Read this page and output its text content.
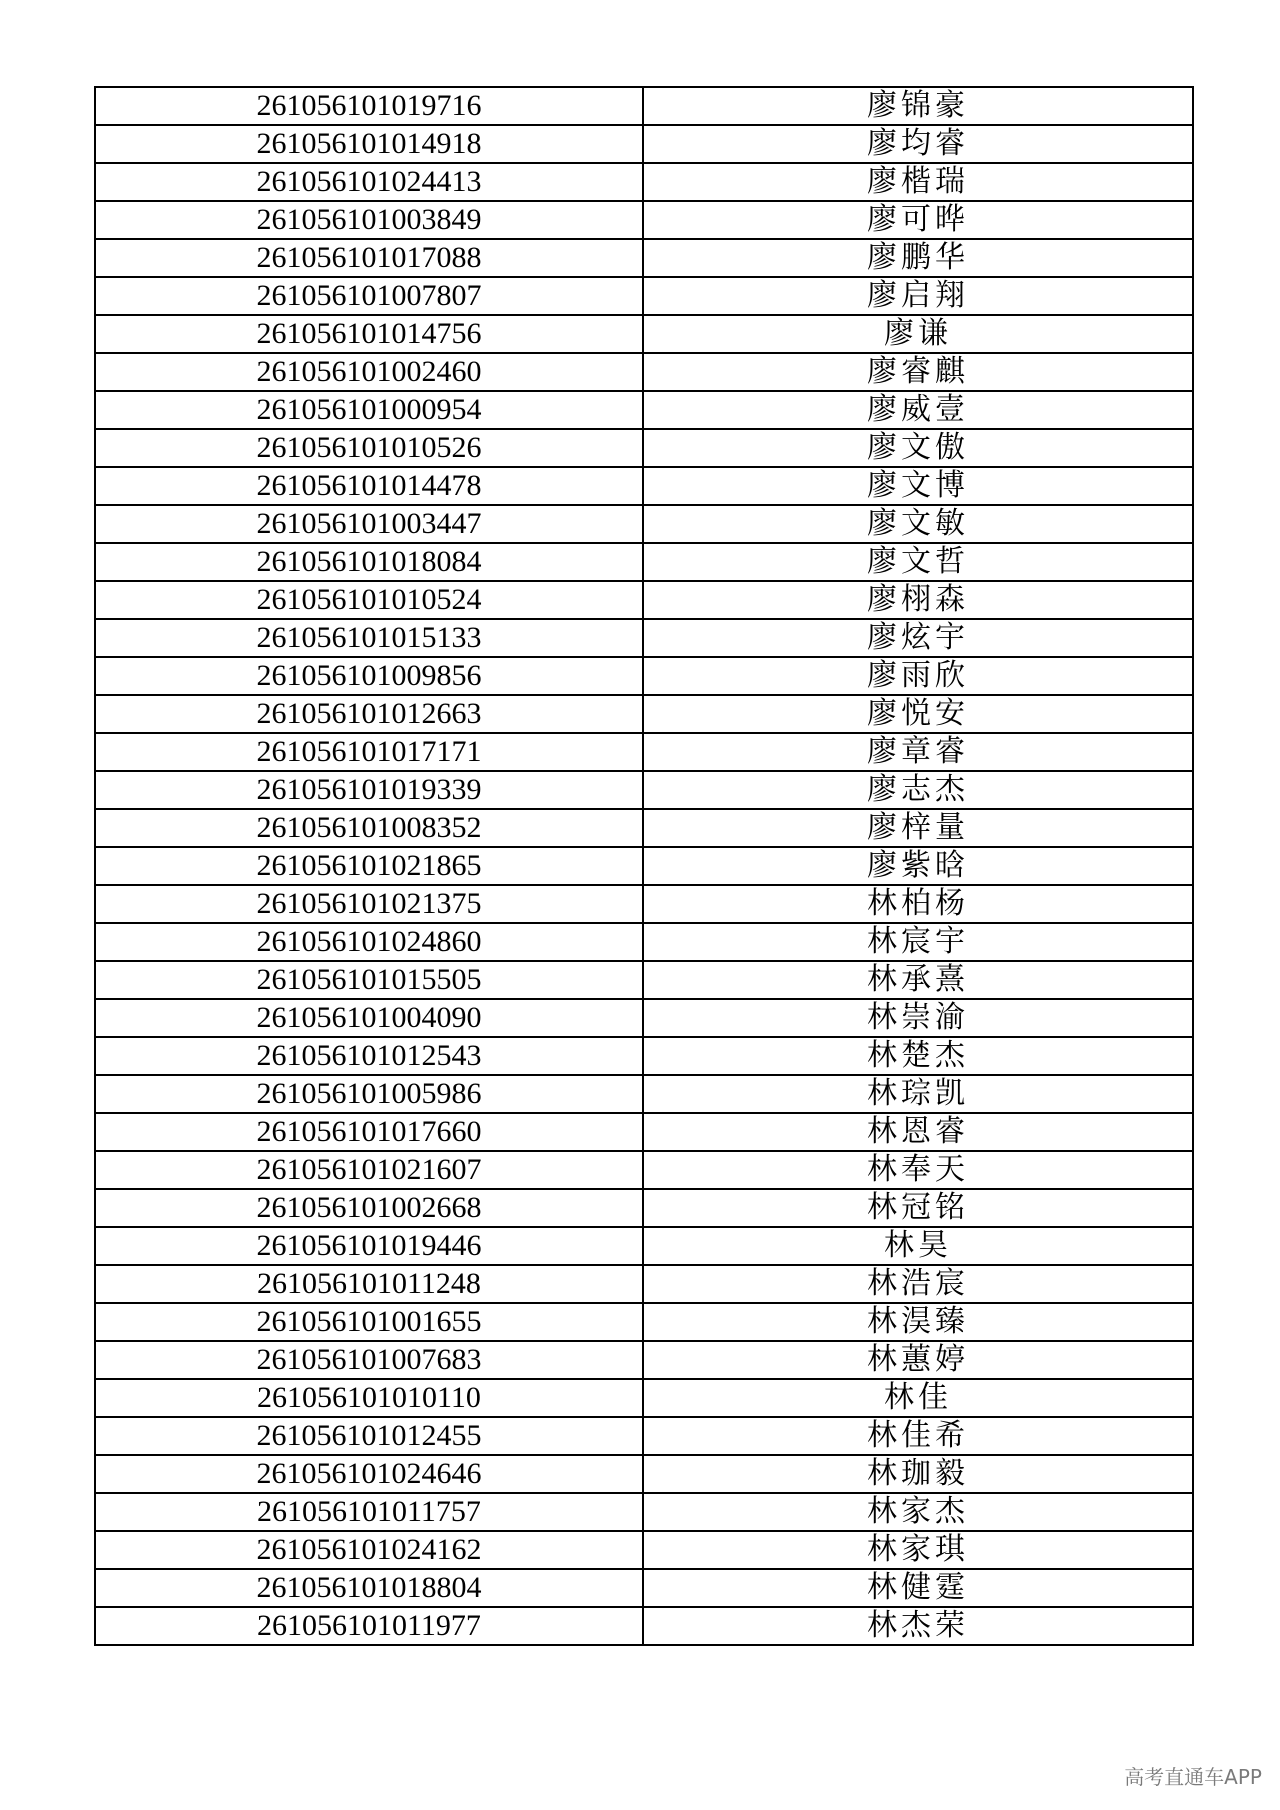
261056101019716	廖锦豪
261056101014918	廖均睿
261056101024413	廖楷瑞
261056101003849	廖可晔
261056101017088	廖鹏华
261056101007807	廖启翔
261056101014756	廖谦
261056101002460	廖睿麒
261056101000954	廖威壹
261056101010526	廖文傲
261056101014478	廖文博
261056101003447	廖文敏
261056101018084	廖文哲
261056101010524	廖栩森
261056101015133	廖炫宇
261056101009856	廖雨欣
261056101012663	廖悦安
261056101017171	廖章睿
261056101019339	廖志杰
261056101008352	廖梓量
261056101021865	廖紫晗
261056101021375	林柏杨
261056101024860	林宸宇
261056101015505	林承熹
261056101004090	林崇渝
261056101012543	林楚杰
261056101005986	林琮凯
261056101017660	林恩睿
261056101021607	林奉天
261056101002668	林冠铭
261056101019446	林昊
261056101011248	林浩宸
261056101001655	林淏臻
261056101007683	林蕙婷
261056101010110	林佳
261056101012455	林佳希
261056101024646	林珈毅
261056101011757	林家杰
261056101024162	林家琪
261056101018804	林健霆
261056101011977	林杰荣
高考直通车APP
